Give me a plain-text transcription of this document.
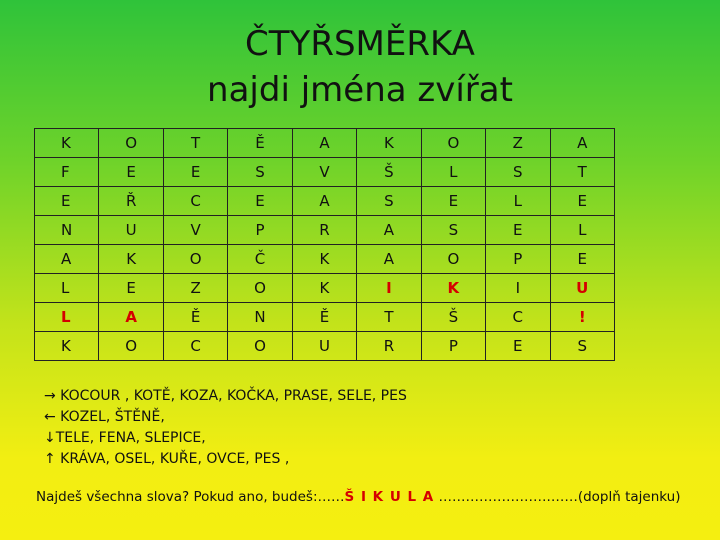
ČTYŘSMĚRKA
najdi jména zvířat
K	O	T	Ě	A	K	O	Z	A
F	E	E	S	V	Š	L	S	T
E	Ř	C	E	A	S	E	L	E
N	U	V	P	R	A	S	E	L
A	K	O	Č	K	A	O	P	E
L	E	Z	O	K	I	K	I	U
L	A	Ě	N	Ě	T	Š	C	!
K	O	C	O	U	R	P	E	S
→ KOCOUR , KOTĚ, KOZA, KOČKA, PRASE, SELE, PES
← KOZEL, ŠTĚNĚ,
↓TELE, FENA, SLEPICE,
↑ KRÁVA, OSEL, KUŘE, OVCE, PES ,
Najdeš všechna slova? Pokud ano, budeš:……Š I K U L A …………………….……(doplň tajenku)
